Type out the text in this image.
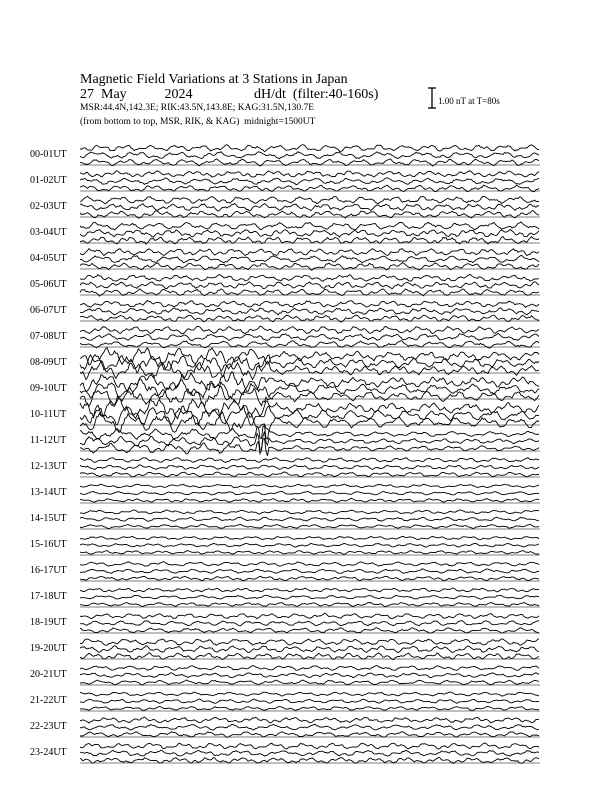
Magnetic Field Variations at 3 Stations in Japan
27 May	2024	dH/dt (filter:40-160s)
MSR:44.4N,142.3E; RIK:43.5N,143.8E; KAG:31.5N,130.7E
(from bottom to top, MSR, RIK, & KAG) midnight=1500UT
1.00 nT at T=80s
00-01UT
01-02UT
02-03UT
03-04UT
04-05UT
05-06UT
06-07UT
07-08UT
08-09UT
09-10UT
10-11UT
11-12UT
12-13UT
13-14UT
14-15UT
15-16UT
16-17UT
17-18UT
18-19UT
19-20UT
20-21UT
21-22UT
22-23UT
23-24UT
